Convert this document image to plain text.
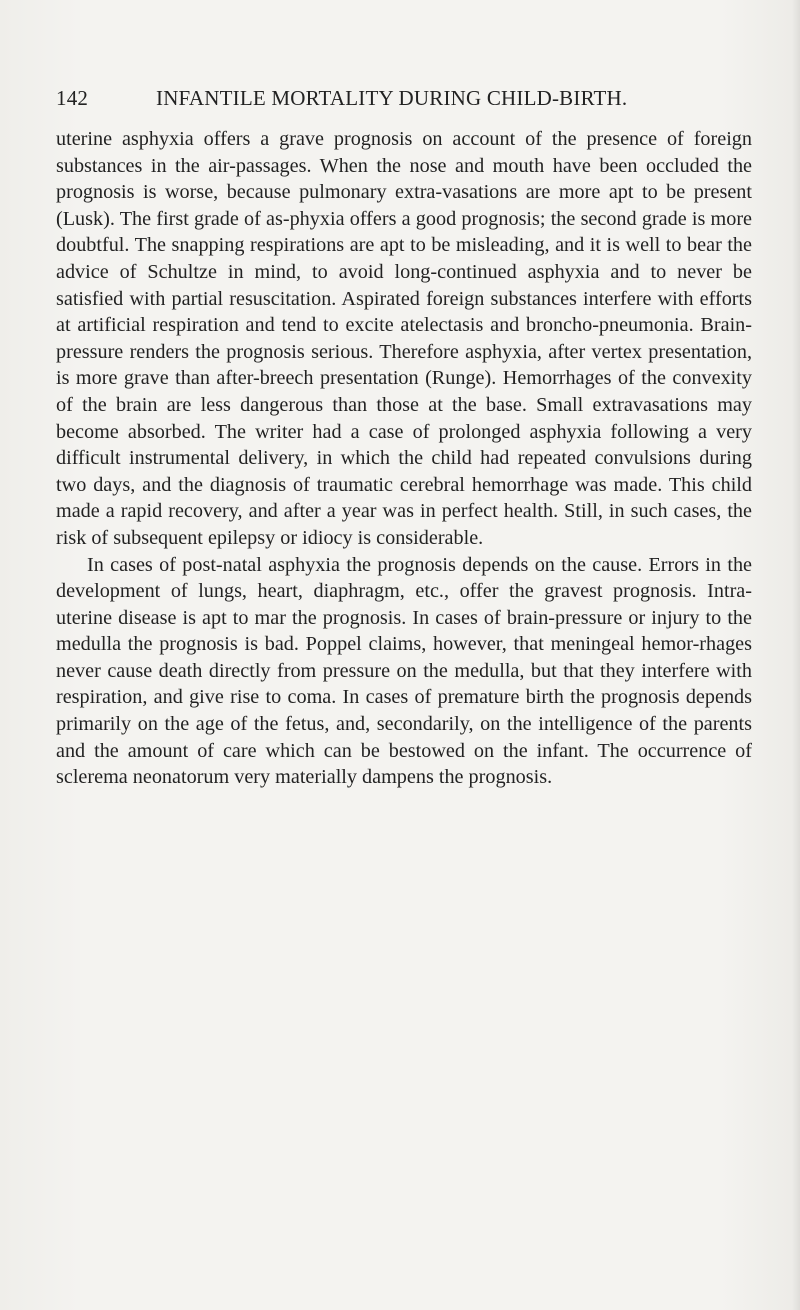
142	INFANTILE MORTALITY DURING CHILD-BIRTH.

uterine asphyxia offers a grave prognosis on account of the presence of foreign substances in the air-passages. When the nose and mouth have been occluded the prognosis is worse, because pulmonary extra-vasations are more apt to be present (Lusk). The first grade of as-phyxia offers a good prognosis; the second grade is more doubtful. The snapping respirations are apt to be misleading, and it is well to bear the advice of Schultze in mind, to avoid long-continued asphyxia and to never be satisfied with partial resuscitation. Aspirated foreign substances interfere with efforts at artificial respiration and tend to excite atelectasis and broncho-pneumonia. Brain-pressure renders the prognosis serious. Therefore asphyxia, after vertex presentation, is more grave than after-breech presentation (Runge). Hemorrhages of the convexity of the brain are less dangerous than those at the base. Small extravasations may become absorbed. The writer had a case of prolonged asphyxia following a very difficult instrumental delivery, in which the child had repeated convulsions during two days, and the diagnosis of traumatic cerebral hemorrhage was made. This child made a rapid recovery, and after a year was in perfect health. Still, in such cases, the risk of subsequent epilepsy or idiocy is considerable.

In cases of post-natal asphyxia the prognosis depends on the cause. Errors in the development of lungs, heart, diaphragm, etc., offer the gravest prognosis. Intra-uterine disease is apt to mar the prognosis. In cases of brain-pressure or injury to the medulla the prognosis is bad. Poppel claims, however, that meningeal hemor-rhages never cause death directly from pressure on the medulla, but that they interfere with respiration, and give rise to coma. In cases of premature birth the prognosis depends primarily on the age of the fetus, and, secondarily, on the intelligence of the parents and the amount of care which can be bestowed on the infant. The occurrence of sclerema neonatorum very materially dampens the prognosis.
